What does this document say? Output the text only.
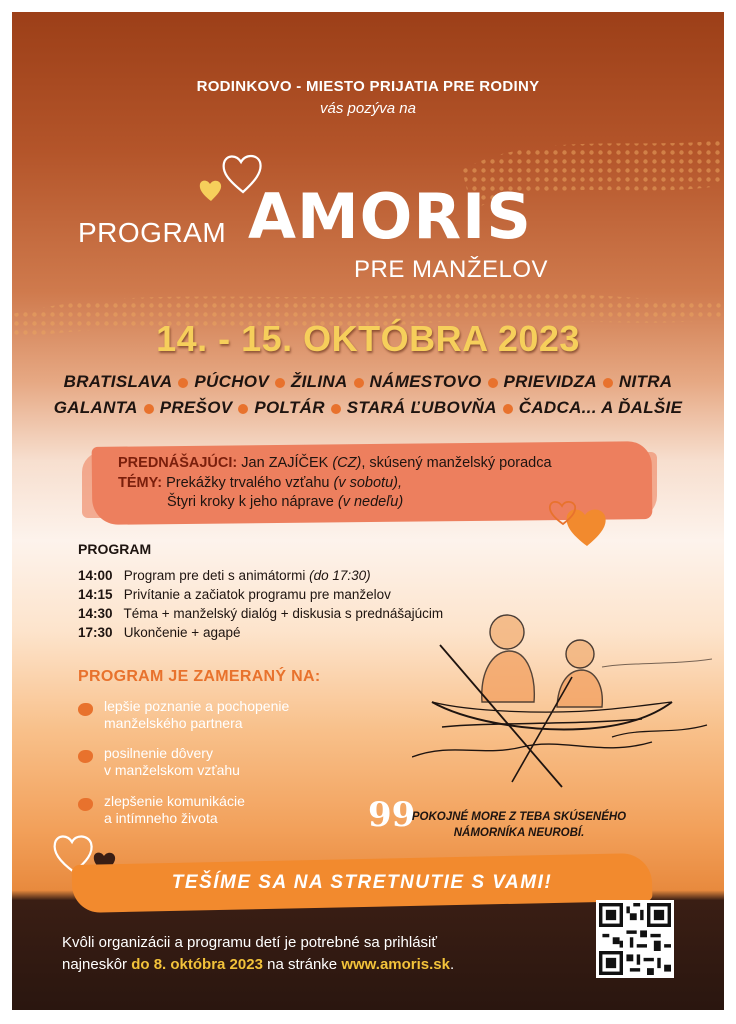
RODINKOVO - MIESTO PRIJATIA PRE RODINY
vás pozýva na
PROGRAM AMORIS
PRE MANŽELOV
14. - 15. OKTÓBRA 2023
BRATISLAVA PÚCHOV ŽILINA NÁMESTOVO PRIEVIDZA NITRA
GALANTA PREŠOV POLTÁR STARÁ ĽUBOVŇA ČADCA... A ĎALŠIE
PREDNÁŠAJÚCI: Jan ZAJÍČEK (CZ), skúsený manželský poradca
TÉMY: Prekážky trvalého vzťahu (v sobotu),
Štyri kroky k jeho náprave (v nedeľu)
PROGRAM
14:00 Program pre deti s animátormi (do 17:30)
14:15 Privítanie a začiatok programu pre manželov
14:30 Téma + manželský dialóg + diskusia s prednášajúcim
17:30 Ukončenie + agapé
PROGRAM JE ZAMERANÝ NA:
lepšie poznanie a pochopenie
manželského partnera
posilnenie dôvery
v manželskom vzťahu
zlepšenie komunikácie
a intímneho života	99
POKOJNÉ MORE Z TEBA SKÚSENÉHO
NÁMORNÍKA NEUROBÍ.
TEŠÍME SA NA STRETNUTIE S VAMI!
Kvôli organizácii a programu detí je potrebné sa prihlásiť
najneskôr do 8. októbra 2023 na stránke www.amoris.sk.
